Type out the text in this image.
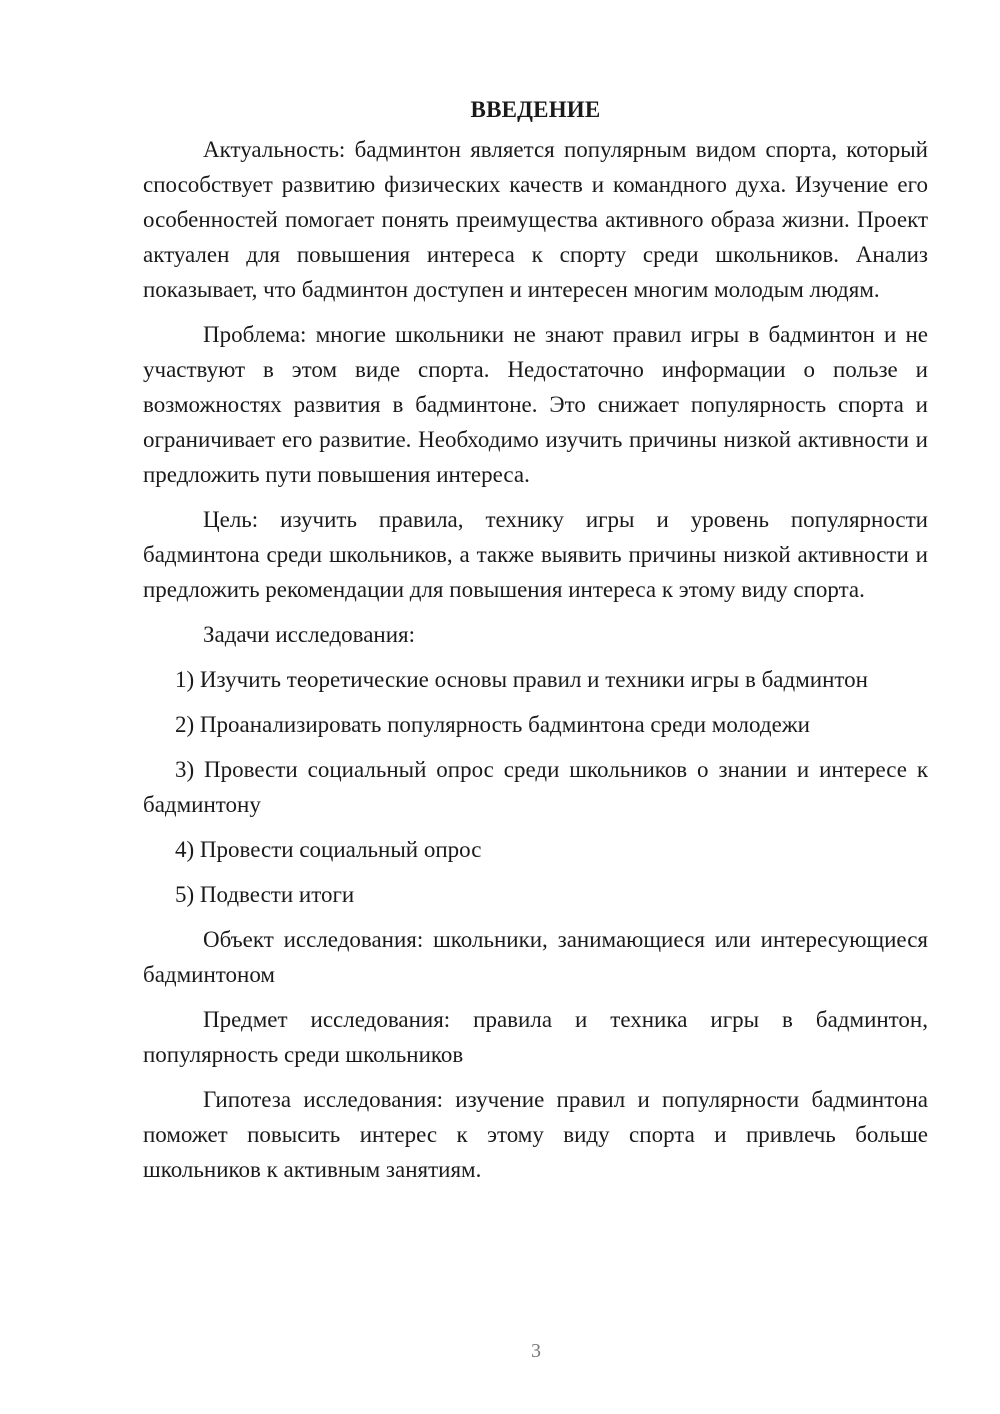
ВВЕДЕНИЕ

Актуальность: бадминтон является популярным видом спорта, который способствует развитию физических качеств и командного духа. Изучение его особенностей помогает понять преимущества активного образа жизни. Проект актуален для повышения интереса к спорту среди школьников. Анализ показывает, что бадминтон доступен и интересен многим молодым людям.

Проблема: многие школьники не знают правил игры в бадминтон и не участвуют в этом виде спорта. Недостаточно информации о пользе и возможностях развития в бадминтоне. Это снижает популярность спорта и ограничивает его развитие. Необходимо изучить причины низкой активности и предложить пути повышения интереса.

Цель: изучить правила, технику игры и уровень популярности бадминтона среди школьников, а также выявить причины низкой активности и предложить рекомендации для повышения интереса к этому виду спорта.

Задачи исследования:

1) Изучить теоретические основы правил и техники игры в бадминтон

2) Проанализировать популярность бадминтона среди молодежи

3) Провести социальный опрос среди школьников о знании и интересе к бадминтону

4) Провести социальный опрос

5) Подвести итоги

Объект исследования: школьники, занимающиеся или интересующиеся бадминтоном

Предмет исследования: правила и техника игры в бадминтон, популярность среди школьников

Гипотеза исследования: изучение правил и популярности бадминтона поможет повысить интерес к этому виду спорта и привлечь больше школьников к активным занятиям.

3
